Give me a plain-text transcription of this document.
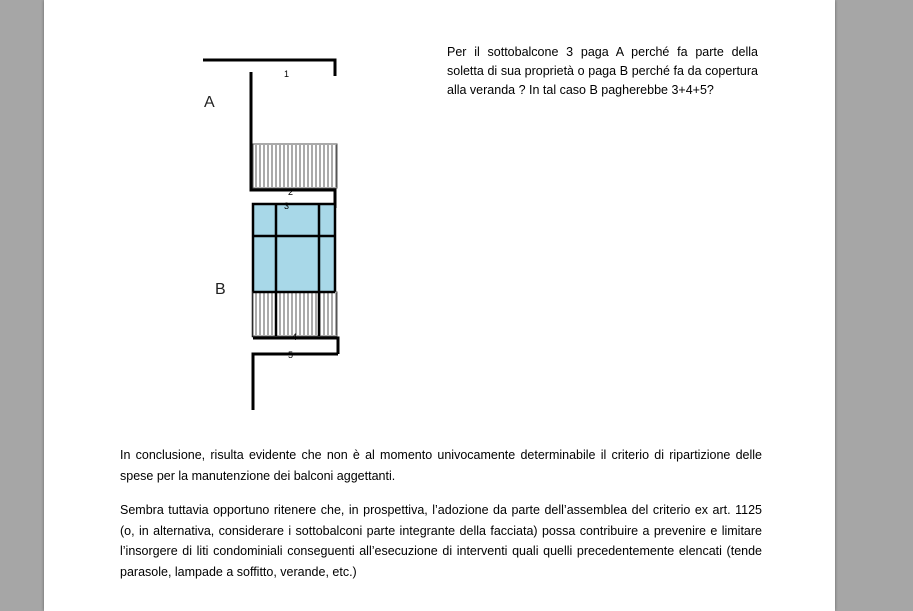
A
B
1
2
3
4
5
Per il sottobalcone 3 paga A perché fa parte della soletta di sua proprietà o paga B perché fa da copertura alla veranda ? In tal caso B pagherebbe 3+4+5?
In conclusione, risulta evidente che non è al momento univocamente determinabile il criterio di ripartizione delle spese per la manutenzione dei balconi aggettanti.
Sembra tuttavia opportuno ritenere che, in prospettiva, l’adozione da parte dell’assemblea del criterio ex art. 1125 (o, in alternativa, considerare i sottobalconi parte integrante della facciata) possa contribuire a prevenire e limitare l’insorgere di liti condominiali conseguenti all’esecuzione di interventi quali quelli precedentemente elencati (tende parasole, lampade a soffitto, verande, etc.)
